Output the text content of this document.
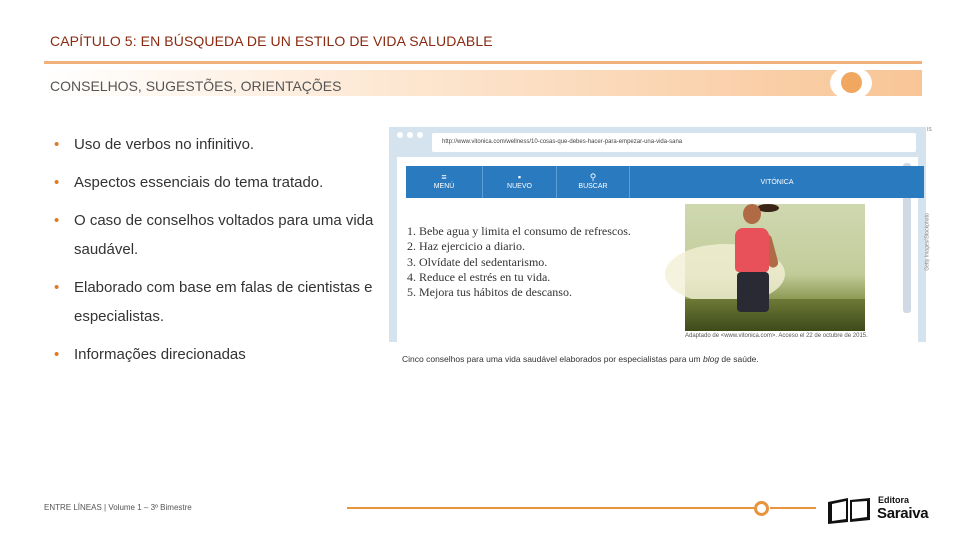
CAPÍTULO 5: EN BÚSQUEDA DE UN ESTILO DE VIDA SALUDABLE
CONSELHOS, SUGESTÕES, ORIENTAÇÕES
• Uso de verbos no infinitivo.
• Aspectos essenciais do tema tratado.
• O caso de conselhos voltados para uma vida saudável.
• Elaborado com base em falas de cientistas e especialistas.
• Informações direcionadas
IS
http://www.vitonica.com/wellness/10-cosas-que-debes-hacer-para-empezar-una-vida-sana
≡
MENÚ
▪
NUEVO
⚲
BUSCAR
VITÓNICA
1. Bebe agua y limita el consumo de refrescos.
2. Haz ejercicio a diario.
3. Olvídate del sedentarismo.
4. Reduce el estrés en tu vida.
5. Mejora tus hábitos de descanso.
Getty Images/iStockphoto
Adaptado de <www.vitonica.com>. Acceso el 22 de octubre de 2015.
Cinco conselhos para uma vida saudável elaborados por especialistas para um blog de saúde.
ENTRE LÍNEAS | Volume 1 – 3º Bimestre
Editora
Saraiva
